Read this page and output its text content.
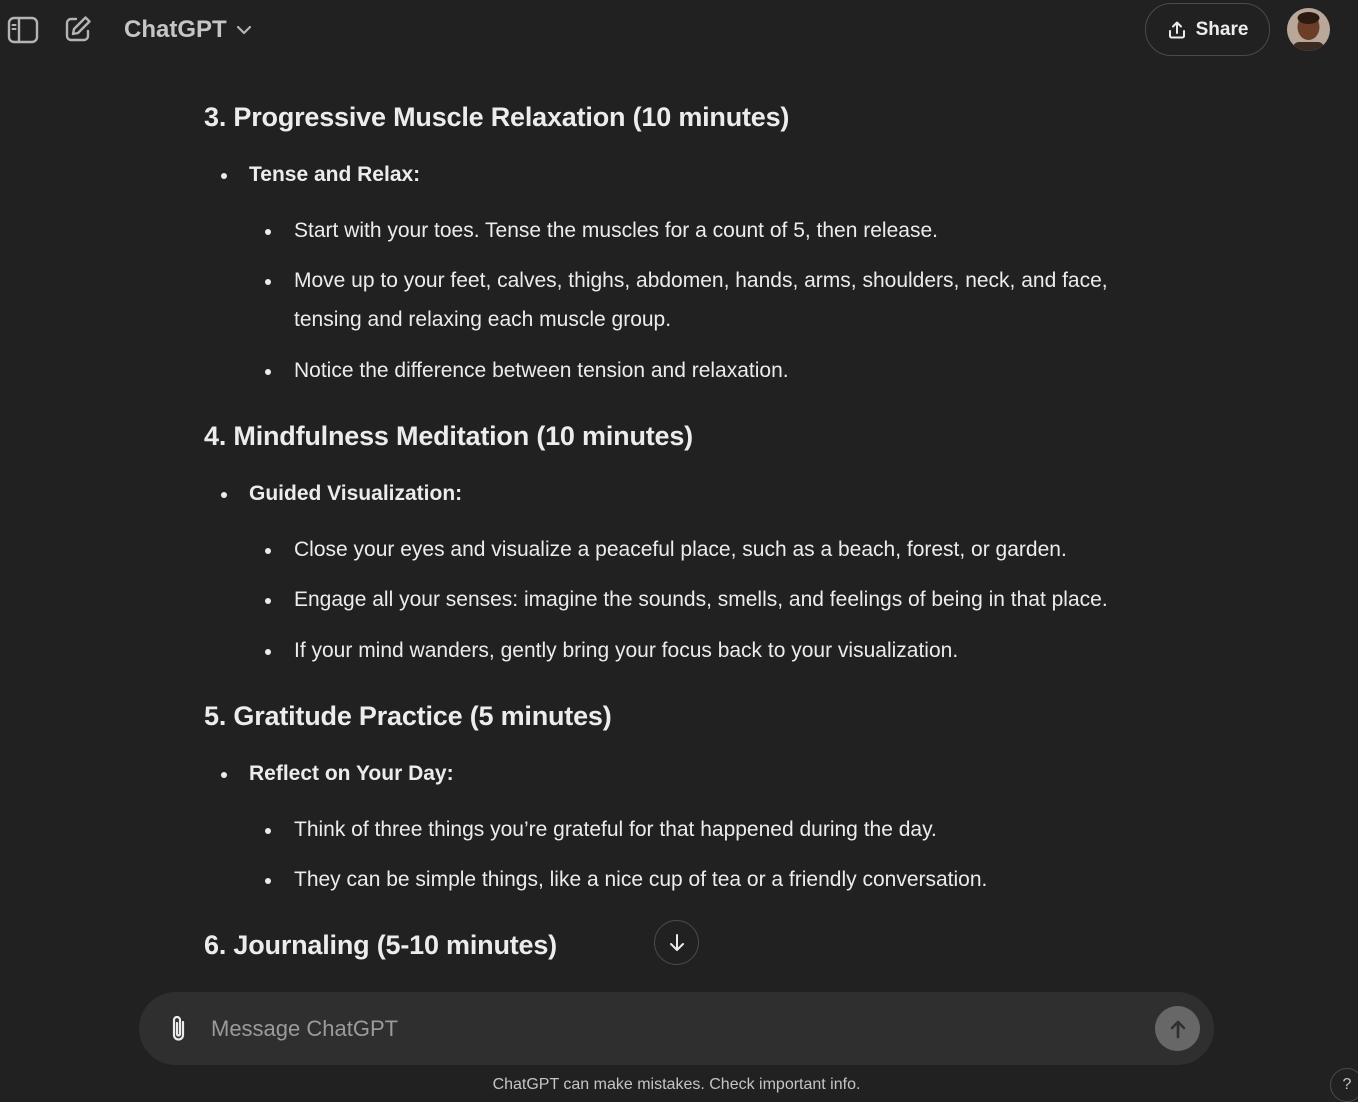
ChatGPT	Share
3. Progressive Muscle Relaxation (10 minutes)
Tense and Relax:
Start with your toes. Tense the muscles for a count of 5, then release.
Move up to your feet, calves, thighs, abdomen, hands, arms, shoulders, neck, and face,
tensing and relaxing each muscle group.
Notice the difference between tension and relaxation.
4. Mindfulness Meditation (10 minutes)
Guided Visualization:
Close your eyes and visualize a peaceful place, such as a beach, forest, or garden.
Engage all your senses: imagine the sounds, smells, and feelings of being in that place.
If your mind wanders, gently bring your focus back to your visualization.
5. Gratitude Practice (5 minutes)
Reflect on Your Day:
Think of three things you’re grateful for that happened during the day.
They can be simple things, like a nice cup of tea or a friendly conversation.
6. Journaling (5-10 minutes)
Message ChatGPT
ChatGPT can make mistakes. Check important info.	?
